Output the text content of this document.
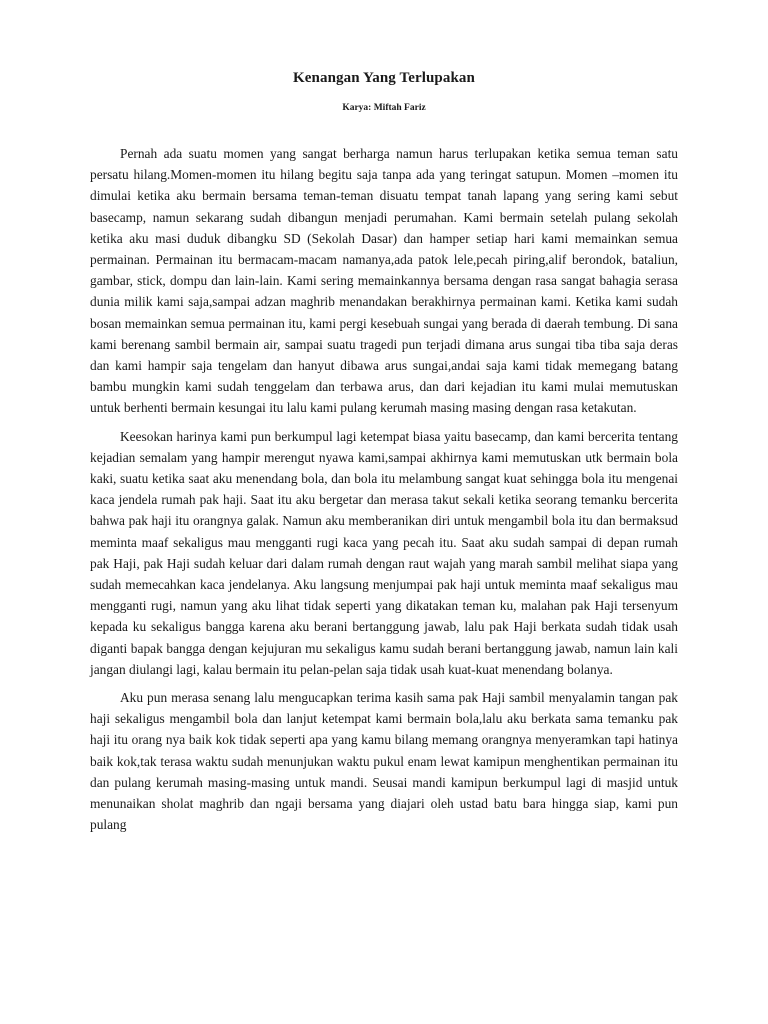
Kenangan Yang Terlupakan
Karya: Miftah Fariz

Pernah ada suatu momen yang sangat berharga namun harus terlupakan ketika semua teman satu persatu hilang.Momen-momen itu hilang begitu saja tanpa ada yang teringat satupun. Momen –momen itu dimulai ketika aku bermain bersama teman-teman disuatu tempat tanah lapang yang sering kami sebut basecamp, namun sekarang sudah dibangun menjadi perumahan. Kami bermain setelah pulang sekolah ketika aku masi duduk dibangku SD (Sekolah Dasar) dan hamper setiap hari kami memainkan semua permainan. Permainan itu bermacam-macam namanya,ada patok lele,pecah piring,alif berondok, bataliun, gambar, stick, dompu dan lain-lain. Kami sering memainkannya bersama dengan rasa sangat bahagia serasa dunia milik kami saja,sampai adzan maghrib menandakan berakhirnya permainan kami. Ketika kami sudah bosan memainkan semua permainan itu, kami pergi kesebuah sungai yang berada di daerah tembung. Di sana kami berenang sambil bermain air, sampai suatu tragedi pun terjadi dimana arus sungai tiba tiba saja deras dan kami hampir saja tengelam dan hanyut dibawa arus sungai,andai saja kami tidak memegang batang bambu mungkin kami sudah tenggelam dan terbawa arus, dan dari kejadian itu kami mulai memutuskan untuk berhenti bermain kesungai itu lalu kami pulang kerumah masing masing dengan rasa ketakutan.

Keesokan harinya kami pun berkumpul lagi ketempat biasa yaitu basecamp, dan kami bercerita tentang kejadian semalam yang hampir merengut nyawa kami,sampai akhirnya kami memutuskan utk bermain bola kaki, suatu ketika saat aku menendang bola, dan bola itu melambung sangat kuat sehingga bola itu mengenai kaca jendela rumah pak haji. Saat itu aku bergetar dan merasa takut sekali ketika seorang temanku bercerita bahwa pak haji itu orangnya galak. Namun aku memberanikan diri untuk mengambil bola itu dan bermaksud meminta maaf sekaligus mau mengganti rugi kaca yang pecah itu. Saat aku sudah sampai di depan rumah pak Haji, pak Haji sudah keluar dari dalam rumah dengan raut wajah yang marah sambil melihat siapa yang sudah memecahkan kaca jendelanya. Aku langsung menjumpai pak haji untuk meminta maaf sekaligus mau mengganti rugi, namun yang aku lihat tidak seperti yang dikatakan teman ku, malahan pak Haji tersenyum kepada ku sekaligus bangga karena aku berani bertanggung jawab, lalu pak Haji berkata sudah tidak usah diganti bapak bangga dengan kejujuran mu sekaligus kamu sudah berani bertanggung jawab, namun lain kali jangan diulangi lagi, kalau bermain itu pelan-pelan saja tidak usah kuat-kuat menendang bolanya.

Aku pun merasa senang lalu mengucapkan terima kasih sama pak Haji sambil menyalamin tangan pak haji sekaligus mengambil bola dan lanjut ketempat kami bermain bola,lalu aku berkata sama temanku pak haji itu orang nya baik kok tidak seperti apa yang kamu bilang memang orangnya menyeramkan tapi hatinya baik kok,tak terasa waktu sudah menunjukan waktu pukul enam lewat kamipun menghentikan permainan itu dan pulang kerumah masing-masing untuk mandi. Seusai mandi kamipun berkumpul lagi di masjid untuk menunaikan sholat maghrib dan ngaji bersama yang diajari oleh ustad batu bara hingga siap, kami pun pulang
